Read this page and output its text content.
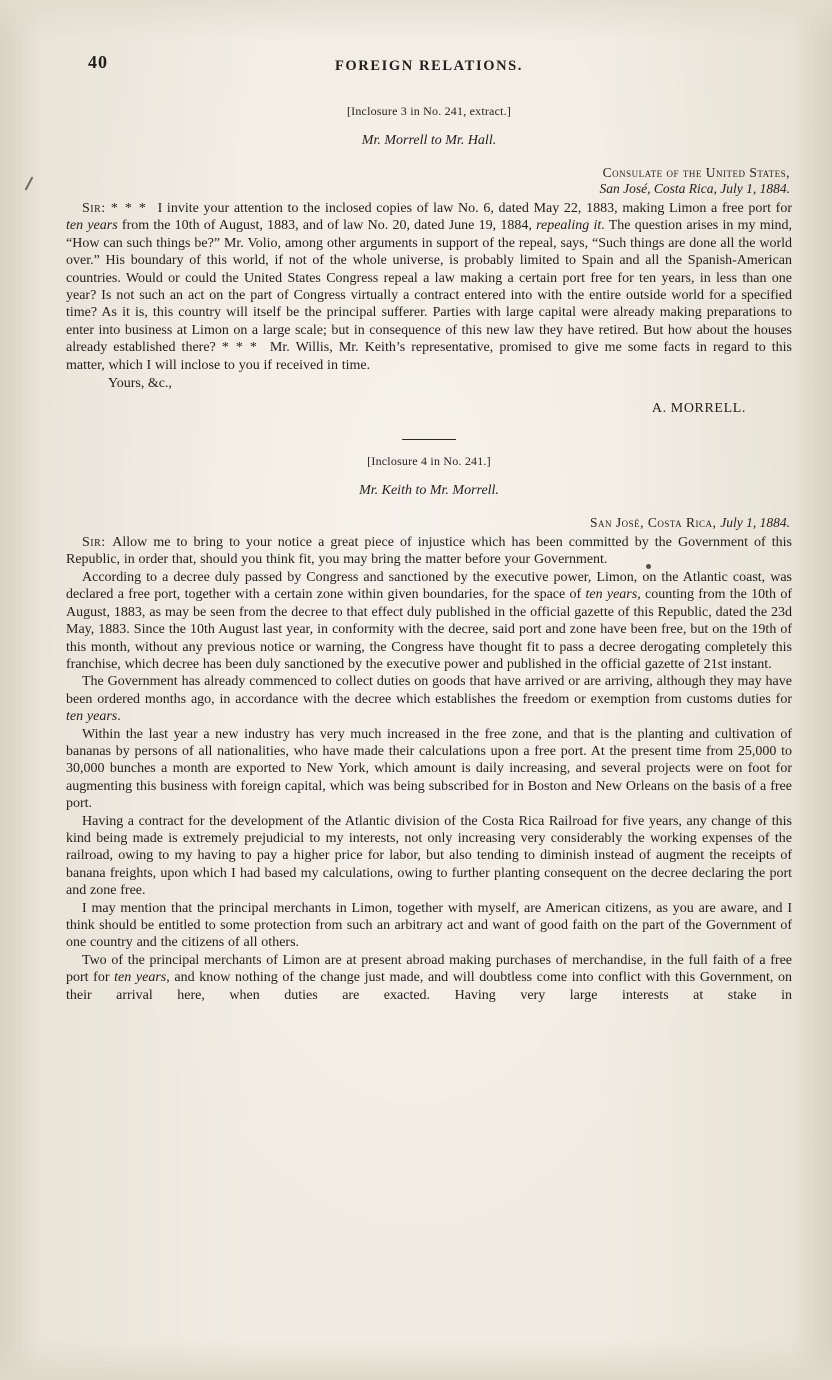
40	FOREIGN RELATIONS.
[Inclosure 3 in No. 241, extract.]
Mr. Morrell to Mr. Hall.
Consulate of the United States,
San José, Costa Rica, July 1, 1884.

Sir: * * *  I invite your attention to the inclosed copies of law No. 6, dated May 22, 1883, making Limon a free port for ten years from the 10th of August, 1883, and of law No. 20, dated June 19, 1884, repealing it. The question arises in my mind, “How can such things be?” Mr. Volio, among other arguments in support of the repeal, says, “Such things are done all the world over.” His boundary of this world, if not of the whole universe, is probably limited to Spain and all the Spanish-American countries. Would or could the United States Congress repeal a law making a certain port free for ten years, in less than one year? Is not such an act on the part of Congress virtually a contract entered into with the entire outside world for a specified time? As it is, this country will itself be the principal sufferer. Parties with large capital were already making preparations to enter into business at Limon on a large scale; but in consequence of this new law they have retired. But how about the houses already established there? * * *  Mr. Willis, Mr. Keith’s representative, promised to give me some facts in regard to this matter, which I will inclose to you if received in time.

Yours, &c.,
A. MORRELL.
[Inclosure 4 in No. 241.]
Mr. Keith to Mr. Morrell.
San José, Costa Rica, July 1, 1884.

Sir: Allow me to bring to your notice a great piece of injustice which has been committed by the Government of this Republic, in order that, should you think fit, you may bring the matter before your Government.

According to a decree duly passed by Congress and sanctioned by the executive power, Limon, on the Atlantic coast, was declared a free port, together with a certain zone within given boundaries, for the space of ten years, counting from the 10th of August, 1883, as may be seen from the decree to that effect duly published in the official gazette of this Republic, dated the 23d May, 1883. Since the 10th August last year, in conformity with the decree, said port and zone have been free, but on the 19th of this month, without any previous notice or warning, the Congress have thought fit to pass a decree derogating completely this franchise, which decree has been duly sanctioned by the executive power and published in the official gazette of 21st instant.

The Government has already commenced to collect duties on goods that have arrived or are arriving, although they may have been ordered months ago, in accordance with the decree which establishes the freedom or exemption from customs duties for ten years.

Within the last year a new industry has very much increased in the free zone, and that is the planting and cultivation of bananas by persons of all nationalities, who have made their calculations upon a free port. At the present time from 25,000 to 30,000 bunches a month are exported to New York, which amount is daily increasing, and several projects were on foot for augmenting this business with foreign capital, which was being subscribed for in Boston and New Orleans on the basis of a free port.

Having a contract for the development of the Atlantic division of the Costa Rica Railroad for five years, any change of this kind being made is extremely prejudicial to my interests, not only increasing very considerably the working expenses of the railroad, owing to my having to pay a higher price for labor, but also tending to diminish instead of augment the receipts of banana freights, upon which I had based my calculations, owing to further planting consequent on the decree declaring the port and zone free.

I may mention that the principal merchants in Limon, together with myself, are American citizens, as you are aware, and I think should be entitled to some protection from such an arbitrary act and want of good faith on the part of the Government of one country and the citizens of all others.

Two of the principal merchants of Limon are at present abroad making purchases of merchandise, in the full faith of a free port for ten years, and know nothing of the change just made, and will doubtless come into conflict with this Government, on their arrival here, when duties are exacted. Having very large interests at stake in
